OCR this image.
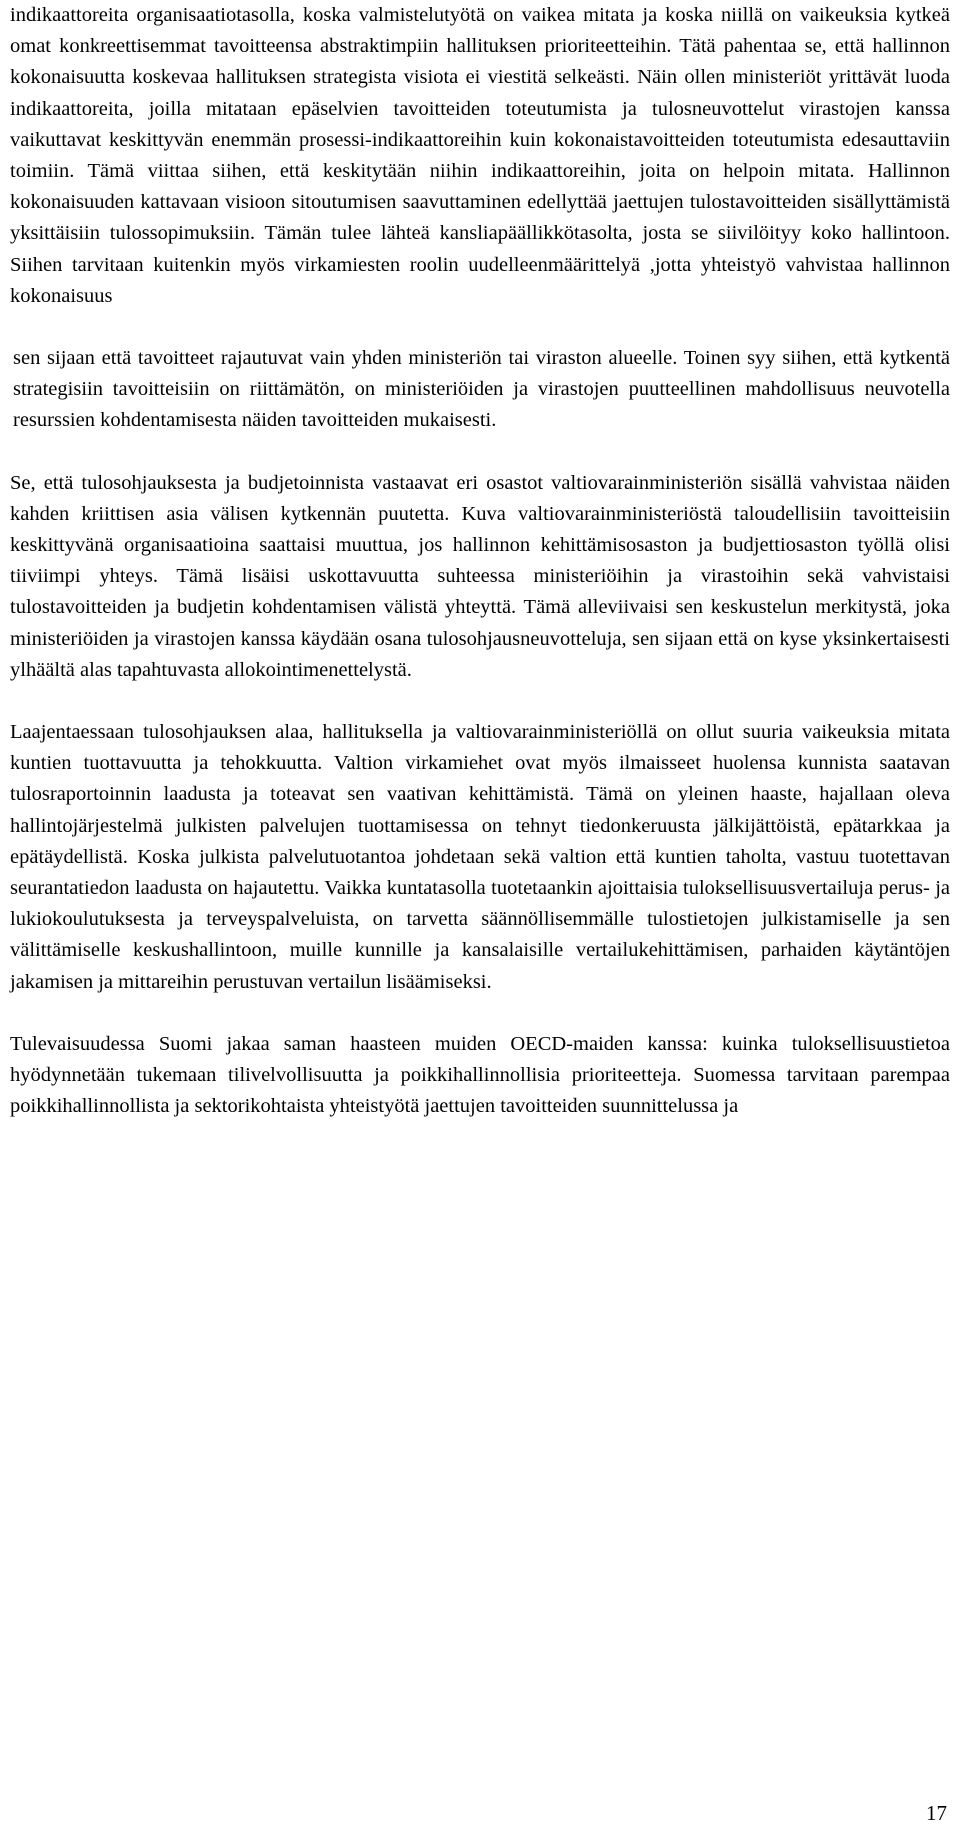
indikaattoreita organisaatiotasolla, koska valmistelutyötä on vaikea mitata ja koska niillä on vaikeuksia kytkeä omat konkreettisemmat tavoitteensa abstraktimpiin hallituksen prioriteetteihin. Tätä pahentaa se, että hallinnon kokonaisuutta koskevaa hallituksen strategista visiota ei viestitä selkeästi. Näin ollen ministeriöt yrittävät luoda indikaattoreita, joilla mitataan epäselvien tavoitteiden toteutumista ja tulosneuvottelut virastojen kanssa vaikuttavat keskittyvän enemmän prosessi-indikaattoreihin kuin kokonaistavoitteiden toteutumista edesauttaviin toimiin. Tämä viittaa siihen, että keskitytään niihin indikaattoreihin, joita on helpoin mitata. Hallinnon kokonaisuuden kattavaan visioon sitoutumisen saavuttaminen edellyttää jaettujen tulostavoitteiden sisällyttämistä yksittäisiin tulossopimuksiin. Tämän tulee lähteä kansliapäällikkötasolta, josta se siivilöityy koko hallintoon. Siihen tarvitaan kuitenkin myös virkamiesten roolin uudelleenmäärittelyä ,jotta yhteistyö vahvistaa hallinnon kokonaisuus

sen sijaan että tavoitteet rajautuvat vain yhden ministeriön tai viraston alueelle. Toinen syy siihen, että kytkentä strategisiin tavoitteisiin on riittämätön, on ministeriöiden ja virastojen puutteellinen mahdollisuus neuvotella resurssien kohdentamisesta näiden tavoitteiden mukaisesti.

Se, että tulosohjauksesta ja budjetoinnista vastaavat eri osastot valtiovarainministeriön sisällä vahvistaa näiden kahden kriittisen asia välisen kytkennän puutetta. Kuva valtiovarainministeriöstä taloudellisiin tavoitteisiin keskittyvänä organisaatioina saattaisi muuttua, jos hallinnon kehittämisosaston ja budjettiosaston työllä olisi tiiviimpi yhteys. Tämä lisäisi uskottavuutta suhteessa ministeriöihin ja virastoihin sekä vahvistaisi tulostavoitteiden ja budjetin kohdentamisen välistä yhteyttä. Tämä alleviivaisi sen keskustelun merkitystä, joka ministeriöiden ja virastojen kanssa käydään osana tulosohjausneuvotteluja, sen sijaan että on kyse yksinkertaisesti ylhäältä alas tapahtuvasta allokointimenettelystä.

Laajentaessaan tulosohjauksen alaa, hallituksella ja valtiovarainministeriöllä on ollut suuria vaikeuksia mitata kuntien tuottavuutta ja tehokkuutta. Valtion virkamiehet ovat myös ilmaisseet huolensa kunnista saatavan tulosraportoinnin laadusta ja toteavat sen vaativan kehittämistä. Tämä on yleinen haaste, hajallaan oleva hallintojärjestelmä julkisten palvelujen tuottamisessa on tehnyt tiedonkeruusta jälkijättöistä, epätarkkaa ja epätäydellistä. Koska julkista palvelutuotantoa johdetaan sekä valtion että kuntien taholta, vastuu tuotettavan seurantatiedon laadusta on hajautettu. Vaikka kuntatasolla tuotetaankin ajoittaisia tuloksellisuusvertailuja perus- ja lukiokoulutuksesta ja terveyspalveluista, on tarvetta säännöllisemmälle tulostietojen julkistamiselle ja sen välittämiselle keskushallintoon, muille kunnille ja kansalaisille vertailukehittämisen, parhaiden käytäntöjen jakamisen ja mittareihin perustuvan vertailun lisäämiseksi.

Tulevaisuudessa Suomi jakaa saman haasteen muiden OECD-maiden kanssa: kuinka tuloksellisuustietoa hyödynnetään tukemaan tilivelvollisuutta ja poikkihallinnollisia prioriteetteja. Suomessa tarvitaan parempaa poikkihallinnollista ja sektorikohtaista yhteistyötä jaettujen tavoitteiden suunnittelussa ja

17
